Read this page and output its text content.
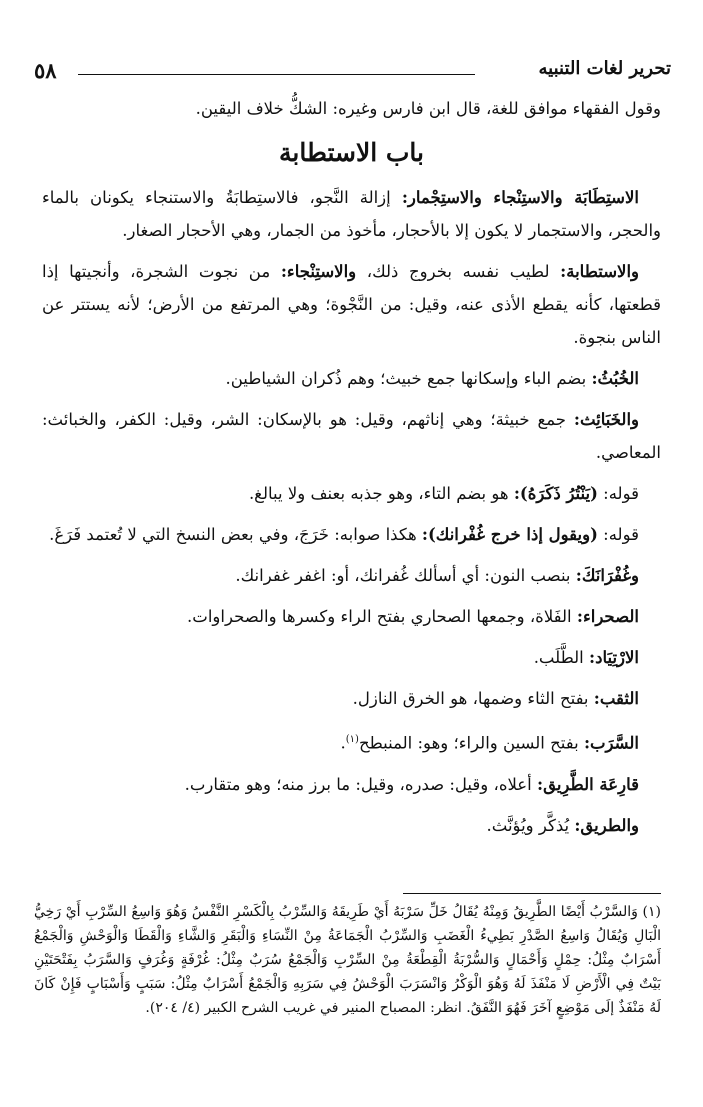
٥٨	تحرير لغات التنبيه

وقول الفقهاء موافق للغة، قال ابن فارس وغيره: الشكُّ خلاف اليقين.

باب الاستطابة

الاستِطَابَة والاستِنْجاء والاستِجْمار: إزالة النَّجو، فالاستِطابَةُ والاستنجاء يكونان بالماء والحجر، والاستجمار لا يكون إلا بالأحجار، مأخوذ من الجمار، وهي الأحجار الصغار.

والاستطابة: لطيب نفسه بخروج ذلك، والاستِنْجاء: من نجوت الشجرة، وأنجيتها إذا قطعتها، كأنه يقطع الأذى عنه، وقيل: من النَّجْوة؛ وهي المرتفع من الأرض؛ لأنه يستتر عن الناس بنجوة.

الخُبُثُ: بضم الباء وإسكانها جمع خبيث؛ وهم ذُكران الشياطين.

والخَبَائِث: جمع خبيثة؛ وهي إناثهم، وقيل: هو بالإسكان: الشر، وقيل: الكفر، والخبائث: المعاصي.

قوله: (يَنْتُرُ ذَكَرَهُ): هو بضم التاء، وهو جذبه بعنف ولا يبالغ.

قوله: (ويقول إذا خرج غُفْرانك): هكذا صوابه: خَرَجَ، وفي بعض النسخ التي لا تُعتمد فَرَغَ.

وغُفْرَانَكَ: بنصب النون: أي أسألك غُفرانك، أو: اغفر غفرانك.

الصحراء: الفَلاة، وجمعها الصحاري بفتح الراء وكسرها والصحراوات.

الارْتِيَاد: الطَّلَب.

الثقب: بفتح الثاء وضمها، هو الخرق النازل.

السَّرَب: بفتح السين والراء؛ وهو: المنبطح$^{(١)}$.

قارِعَة الطَّرِيق: أعلاه، وقيل: صدره، وقيل: ما برز منه؛ وهو متقارب.

والطريق: يُذكَّر ويُؤنَّث.

(١) وَالسَّرْبُ أَيْضًا الطَّرِيقُ وَمِنْهُ يُقَالُ خَلِّ سَرْبَهُ أَيْ طَرِيقَهُ وَالسِّرْبُ بِالْكَسْرِ النَّفْسُ وَهُوَ وَاسِعُ السِّرْبِ أَيْ رَخِيُّ الْبَالِ وَيُقَالُ وَاسِعُ الصَّدْرِ بَطِيءُ الْغَضَبِ وَالسِّرْبُ الْجَمَاعَةُ مِنْ النِّسَاءِ وَالْبَقَرِ وَالشَّاءِ وَالْقَطَا وَالْوَحْشِ وَالْجَمْعُ أَسْرَابٌ مِثْلُ: حِمْلٍ وَأَحْمَالٍ وَالسُّرْبَةُ الْقِطْعَةُ مِنْ السِّرْبِ وَالْجَمْعُ سُرَبٌ مِثْلُ: غُرْفَةٍ وَغُرَفٍ وَالسَّرَبُ بِفَتْحَتَيْنِ بَيْتٌ فِي الْأَرْضِ لَا مَنْفَذَ لَهُ وَهُوَ الْوَكْرُ وَانْسَرَبَ الْوَحْشُ فِي سَرَبِهِ وَالْجَمْعُ أَسْرَابٌ مِثْلُ: سَبَبٍ وَأَسْبَابٍ فَإِنْ كَانَ لَهُ مَنْفَذٌ إلَى مَوْضِعٍ آخَرَ فَهُوَ النَّفَقُ. انظر: المصباح المنير في غريب الشرح الكبير (٤/ ٢٠٤).
